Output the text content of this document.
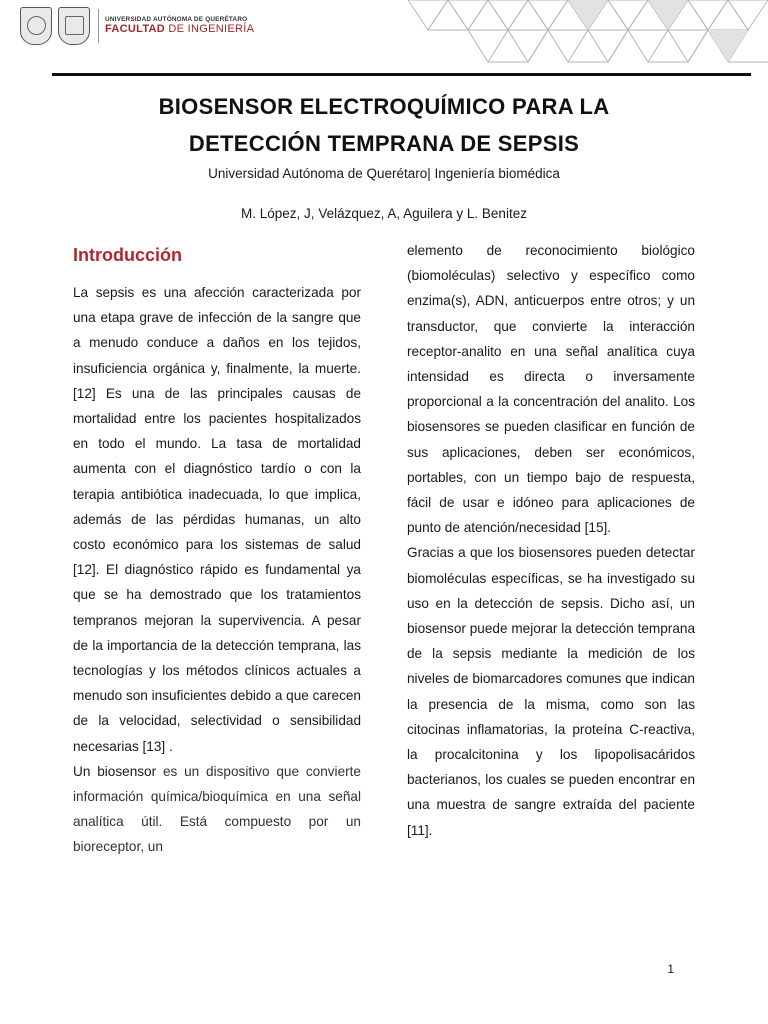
UNIVERSIDAD AUTÓNOMA DE QUERÉTARO
FACULTAD DE INGENIERÍA
BIOSENSOR ELECTROQUÍMICO PARA LA
DETECCIÓN TEMPRANA DE SEPSIS
Universidad Autónoma de Querétaro| Ingeniería biomédica
M. López, J, Velázquez, A, Aguilera y L. Benitez
Introducción

La sepsis es una afección caracterizada por una etapa grave de infección de la sangre que a menudo conduce a daños en los tejidos, insuficiencia orgánica y, finalmente, la muerte.[12] Es una de las principales causas de mortalidad entre los pacientes hospitalizados en todo el mundo. La tasa de mortalidad aumenta con el diagnóstico tardío o con la terapia antibiótica inadecuada, lo que implica, además de las pérdidas humanas, un alto costo económico para los sistemas de salud [12]. El diagnóstico rápido es fundamental ya que se ha demostrado que los tratamientos tempranos mejoran la supervivencia. A pesar de la importancia de la detección temprana, las tecnologías y los métodos clínicos actuales a menudo son insuficientes debido a que carecen de la velocidad, selectividad o sensibilidad necesarias [13] .

Un biosensor es un dispositivo que convierte información química/bioquímica en una señal analítica útil. Está compuesto por un bioreceptor, un

elemento de reconocimiento biológico (biomoléculas) selectivo y específico como enzima(s), ADN, anticuerpos entre otros; y un transductor, que convierte la interacción receptor-analito en una señal analítica cuya intensidad es directa o inversamente proporcional a la concentración del analito. Los biosensores se pueden clasificar en función de sus aplicaciones, deben ser económicos, portables, con un tiempo bajo de respuesta, fácil de usar e idóneo para aplicaciones de punto de atención/necesidad [15].

Gracias a que los biosensores pueden detectar biomoléculas específicas, se ha investigado su uso en la detección de sepsis. Dicho así, un biosensor puede mejorar la detección temprana de la sepsis mediante la medición de los niveles de biomarcadores comunes que indican la presencia de la misma, como son las citocinas inflamatorias, la proteína C-reactiva, la procalcitonina y los lipopolisacáridos bacterianos, los cuales se pueden encontrar en una muestra de sangre extraída del paciente [11].

1
